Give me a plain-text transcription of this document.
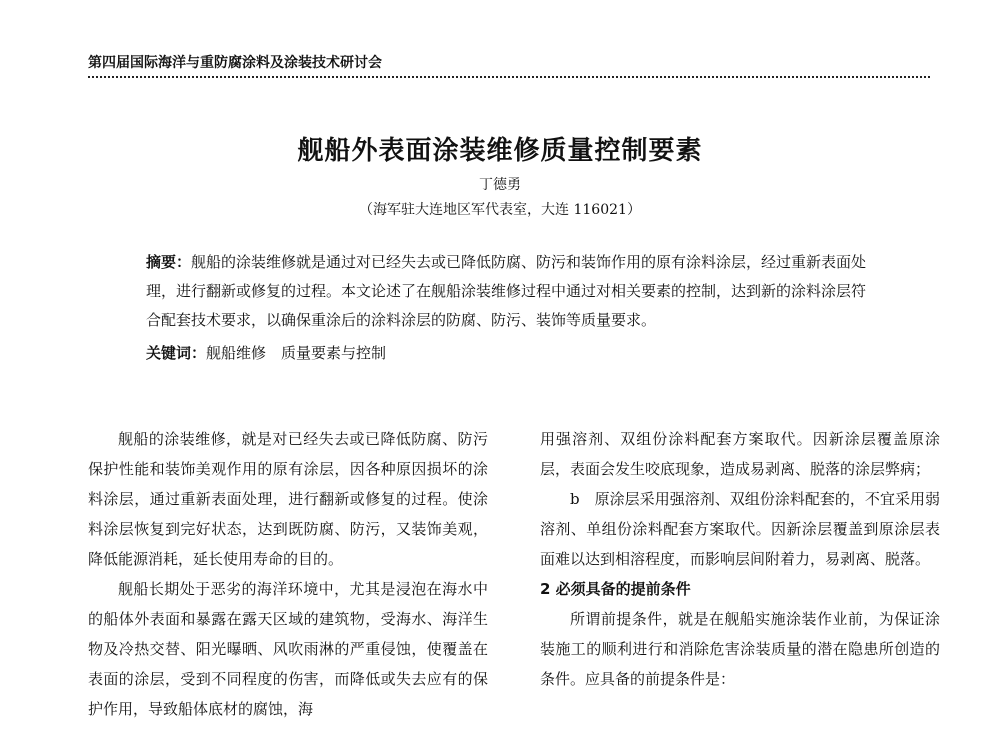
第四届国际海洋与重防腐涂料及涂装技术研讨会
舰船外表面涂装维修质量控制要素
丁德勇
（海军驻大连地区军代表室，大连 116021）
摘要：舰船的涂装维修就是通过对已经失去或已降低防腐、防污和装饰作用的原有涂料涂层，经过重新表面处理，进行翻新或修复的过程。本文论述了在舰船涂装维修过程中通过对相关要素的控制，达到新的涂料涂层符合配套技术要求，以确保重涂后的涂料涂层的防腐、防污、装饰等质量要求。
关键词：舰船维修　质量要素与控制

舰船的涂装维修，就是对已经失去或已降低防腐、防污保护性能和装饰美观作用的原有涂层，因各种原因损坏的涂料涂层，通过重新表面处理，进行翻新或修复的过程。使涂料涂层恢复到完好状态，达到既防腐、防污，又装饰美观，降低能源消耗，延长使用寿命的目的。

舰船长期处于恶劣的海洋环境中，尤其是浸泡在海水中的船体外表面和暴露在露天区域的建筑物，受海水、海洋生物及冷热交替、阳光曝晒、风吹雨淋的严重侵蚀，使覆盖在表面的涂层，受到不同程度的伤害，而降低或失去应有的保护作用，导致船体底材的腐蚀，海

用强溶剂、双组份涂料配套方案取代。因新涂层覆盖原涂层，表面会发生咬底现象，造成易剥离、脱落的涂层弊病；

b　原涂层采用强溶剂、双组份涂料配套的，不宜采用弱溶剂、单组份涂料配套方案取代。因新涂层覆盖到原涂层表面难以达到相溶程度，而影响层间附着力，易剥离、脱落。

2 必须具备的提前条件

所谓前提条件，就是在舰船实施涂装作业前，为保证涂装施工的顺利进行和消除危害涂装质量的潜在隐患所创造的条件。应具备的前提条件是：
